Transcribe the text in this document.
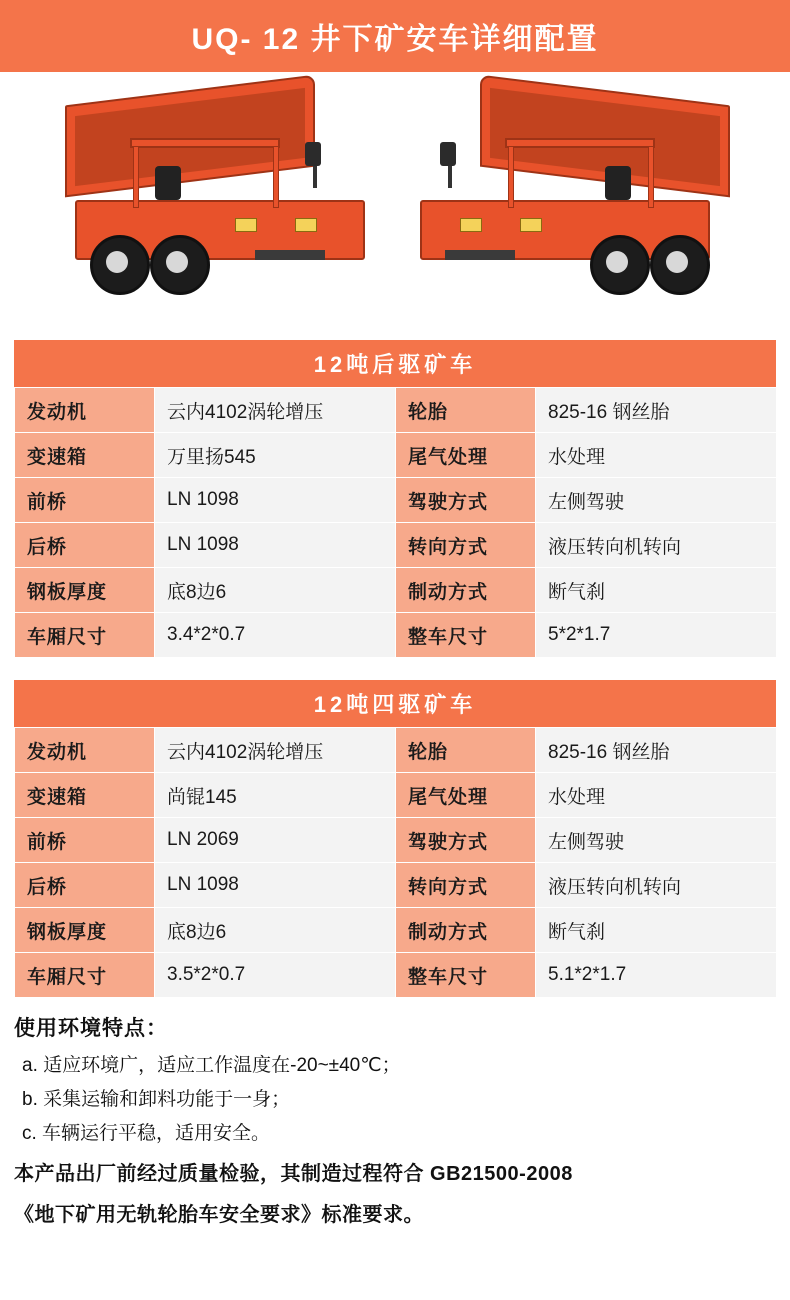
UQ- 12 井下矿安车详细配置
12吨后驱矿车
发动机	云内4102涡轮增压	轮胎	825-16 钢丝胎
变速箱	万里扬545	尾气处理	水处理
前桥	LN 1098	驾驶方式	左侧驾驶
后桥	LN 1098	转向方式	液压转向机转向
钢板厚度	底8边6	制动方式	断气刹
车厢尺寸	3.4*2*0.7	整车尺寸	5*2*1.7
12吨四驱矿车
发动机	云内4102涡轮增压	轮胎	825-16 钢丝胎
变速箱	尚锟145	尾气处理	水处理
前桥	LN 2069	驾驶方式	左侧驾驶
后桥	LN 1098	转向方式	液压转向机转向
钢板厚度	底8边6	制动方式	断气刹
车厢尺寸	3.5*2*0.7	整车尺寸	5.1*2*1.7
使用环境特点：
a. 适应环境广，适应工作温度在-20~±40℃；
b. 采集运输和卸料功能于一身；
c. 车辆运行平稳，适用安全。
本产品出厂前经过质量检验，其制造过程符合 GB21500-2008
《地下矿用无轨轮胎车安全要求》标准要求。
